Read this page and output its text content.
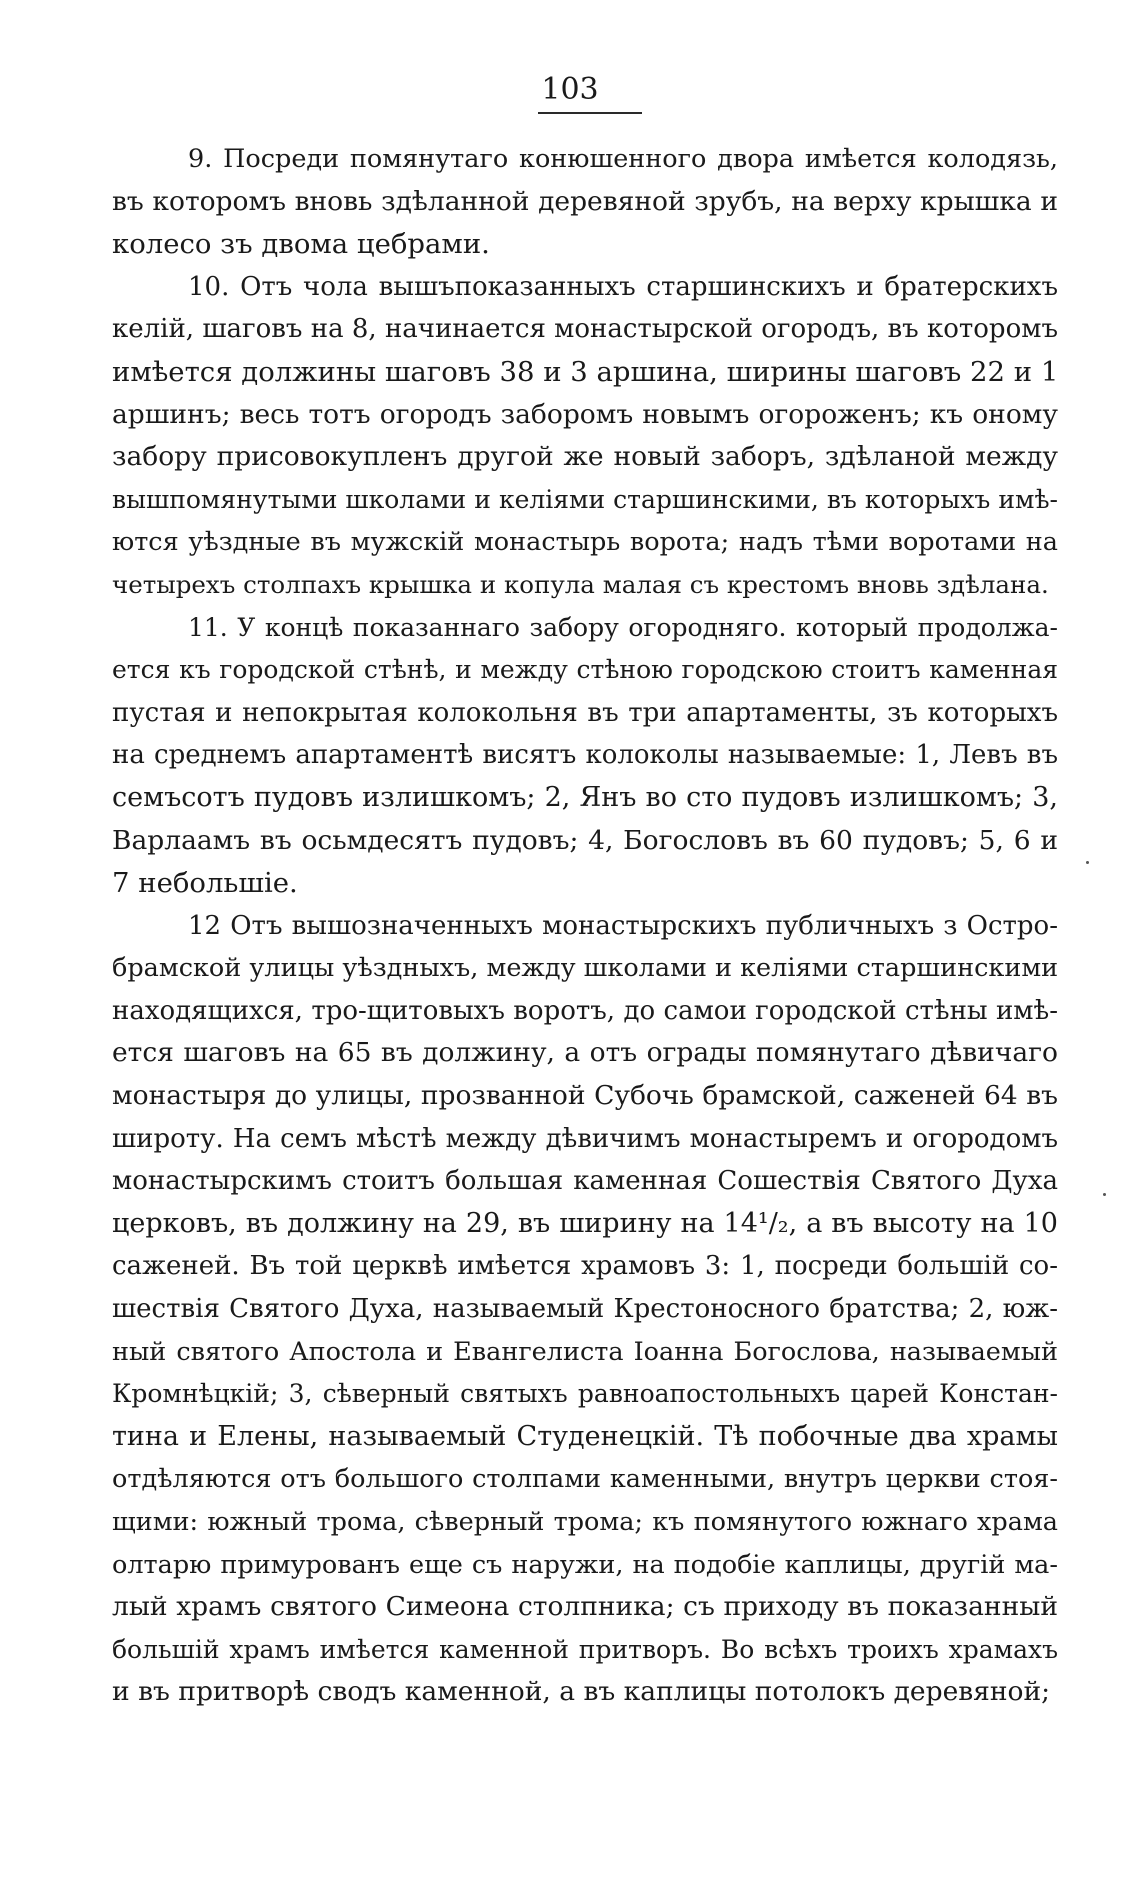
103
9. Посреди помянутаго конюшенного двора имѣется колодязь,
въ которомъ вновь здѣланной деревяной зрубъ, на верху крышка и
колесо зъ двома цебрами.
10. Отъ чола вышъпоказанныхъ старшинскихъ и братерскихъ
келій, шаговъ на 8, начинается монастырской огородъ, въ которомъ
имѣется должины шаговъ 38 и 3 аршина, ширины шаговъ 22 и 1
аршинъ; весь тотъ огородъ заборомъ новымъ огороженъ; къ оному
забору присовокупленъ другой же новый заборъ, здѣланой между
вышпомянутыми школами и келіями старшинскими, въ которыхъ имѣ-
ются уѣздные въ мужскій монастырь ворота; надъ тѣми воротами на
четырехъ столпахъ крышка и копула малая съ крестомъ вновь здѣлана.
11. У концѣ показаннаго забору огородняго. который продолжа-
ется къ городской стѣнѣ, и между стѣною городскою стоитъ каменная
пустая и непокрытая колокольня въ три апартаменты, зъ которыхъ
на среднемъ апартаментѣ висятъ колоколы называемые: 1, Левъ въ
семъсотъ пудовъ излишкомъ; 2, Янъ во сто пудовъ излишкомъ; 3,
Варлаамъ въ осьмдесятъ пудовъ; 4, Богословъ въ 60 пудовъ; 5, 6 и
7 небольшіе.
12 Отъ вышозначенныхъ монастырскихъ публичныхъ з Остро-
брамской улицы уѣздныхъ, между школами и келіями старшинскими
находящихся, тро-щитовыхъ воротъ, до самои городской стѣны имѣ-
ется шаговъ на 65 въ должину, а отъ ограды помянутаго дѣвичаго
монастыря до улицы, прозванной Субочь брамской, саженей 64 въ
широту. На семъ мѣстѣ между дѣвичимъ монастыремъ и огородомъ
монастырскимъ стоитъ большая каменная Сошествія Святого Духа
церковъ, въ должину на 29, въ ширину на 14¹/₂, а въ высоту на 10
саженей. Въ той церквѣ имѣется храмовъ 3: 1, посреди большій со-
шествія Святого Духа, называемый Крестоносного братства; 2, юж-
ный святого Апостола и Евангелиста Іоанна Богослова, называемый
Кромнѣцкій; 3, сѣверный святыхъ равноапостольныхъ царей Констан-
тина и Елены, называемый Студенецкій. Тѣ побочные два храмы
отдѣляются отъ большого столпами каменными, внутръ церкви стоя-
щими: южный трома, сѣверный трома; къ помянутого южнаго храма
олтарю примурованъ еще съ наружи, на подобіе каплицы, другій ма-
лый храмъ святого Симеона столпника; съ приходу въ показанный
большій храмъ имѣется каменной притворъ. Во всѣхъ троихъ храмахъ
и въ притворѣ сводъ каменной, а въ каплицы потолокъ деревяной;
